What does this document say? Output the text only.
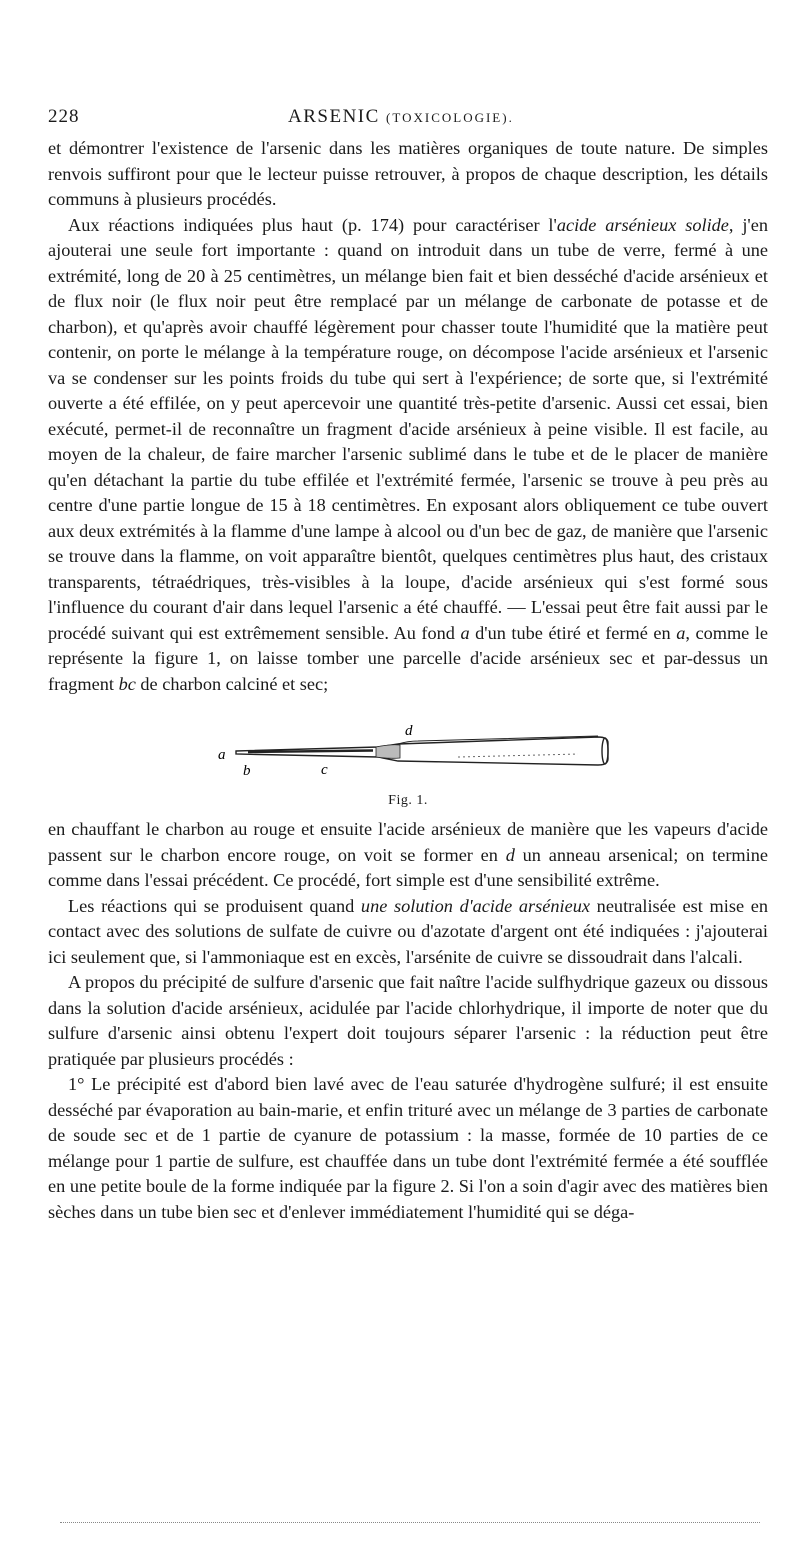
228	ARSENIC (TOXICOLOGIE).

et démontrer l'existence de l'arsenic dans les matières organiques de toute nature. De simples renvois suffiront pour que le lecteur puisse retrouver, à propos de chaque description, les détails communs à plusieurs procédés.

Aux réactions indiquées plus haut (p. 174) pour caractériser l'acide arsénieux solide, j'en ajouterai une seule fort importante : quand on introduit dans un tube de verre, fermé à une extrémité, long de 20 à 25 centimètres, un mélange bien fait et bien desséché d'acide arsénieux et de flux noir (le flux noir peut être remplacé par un mélange de carbonate de potasse et de charbon), et qu'après avoir chauffé légèrement pour chasser toute l'humidité que la matière peut contenir, on porte le mélange à la température rouge, on décompose l'acide arsénieux et l'arsenic va se condenser sur les points froids du tube qui sert à l'expérience; de sorte que, si l'extrémité ouverte a été effilée, on y peut apercevoir une quantité très-petite d'arsenic. Aussi cet essai, bien exécuté, permet-il de reconnaître un fragment d'acide arsénieux à peine visible. Il est facile, au moyen de la chaleur, de faire marcher l'arsenic sublimé dans le tube et de le placer de manière qu'en détachant la partie du tube effilée et l'extrémité fermée, l'arsenic se trouve à peu près au centre d'une partie longue de 15 à 18 centimètres. En exposant alors obliquement ce tube ouvert aux deux extrémités à la flamme d'une lampe à alcool ou d'un bec de gaz, de manière que l'arsenic se trouve dans la flamme, on voit apparaître bientôt, quelques centimètres plus haut, des cristaux transparents, tétraédriques, très-visibles à la loupe, d'acide arsénieux qui s'est formé sous l'influence du courant d'air dans lequel l'arsenic a été chauffé. — L'essai peut être fait aussi par le procédé suivant qui est extrêmement sensible. Au fond a d'un tube étiré et fermé en a, comme le représente la figure 1, on laisse tomber une parcelle d'acide arsénieux sec et par-dessus un fragment bc de charbon calciné et sec;

a
b	c
d
Fig. 1.

en chauffant le charbon au rouge et ensuite l'acide arsénieux de manière que les vapeurs d'acide passent sur le charbon encore rouge, on voit se former en d un anneau arsenical; on termine comme dans l'essai précédent. Ce procédé, fort simple est d'une sensibilité extrême.

Les réactions qui se produisent quand une solution d'acide arsénieux neutralisée est mise en contact avec des solutions de sulfate de cuivre ou d'azotate d'argent ont été indiquées : j'ajouterai ici seulement que, si l'ammoniaque est en excès, l'arsénite de cuivre se dissoudrait dans l'alcali.

A propos du précipité de sulfure d'arsenic que fait naître l'acide sulfhydrique gazeux ou dissous dans la solution d'acide arsénieux, acidulée par l'acide chlorhydrique, il importe de noter que du sulfure d'arsenic ainsi obtenu l'expert doit toujours séparer l'arsenic : la réduction peut être pratiquée par plusieurs procédés :

1° Le précipité est d'abord bien lavé avec de l'eau saturée d'hydrogène sulfuré; il est ensuite desséché par évaporation au bain-marie, et enfin trituré avec un mélange de 3 parties de carbonate de soude sec et de 1 partie de cyanure de potassium : la masse, formée de 10 parties de ce mélange pour 1 partie de sulfure, est chauffée dans un tube dont l'extrémité fermée a été soufflée en une petite boule de la forme indiquée par la figure 2. Si l'on a soin d'agir avec des matières bien sèches dans un tube bien sec et d'enlever immédiatement l'humidité qui se déga-
